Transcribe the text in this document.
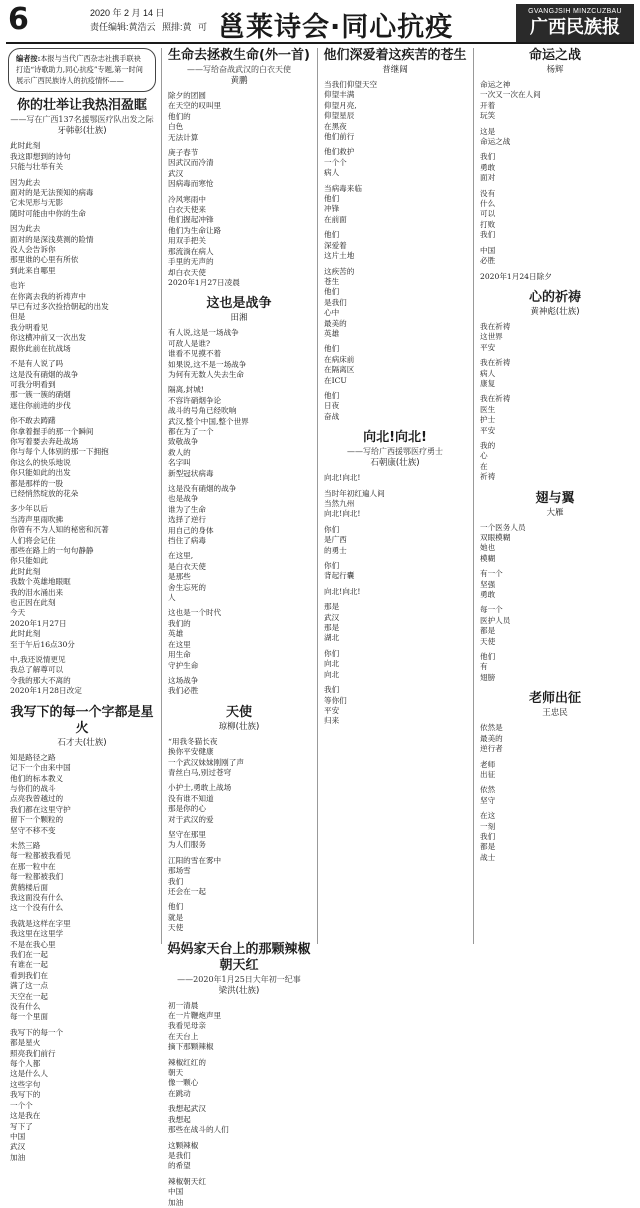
6	2020 年 2 月 14 日
责任编辑:黄浩云 照排:黄 可 邕莱诗会·同心抗疫
GVANGJSIH MINZCUZBAU
广西民族报
编者按:本报与当代广西杂志社携手联袂打造“诗歌助力,同心抗疫”专题,第一时间展示广西民族诗人的抗疫情怀——
你的壮举让我热泪盈眶
——写在广西137名援鄂医疗队出发之际
牙韩彰(壮族)
此时此刻
我这即想到的诗句
只能与壮举有关
因为此去
面对的是无法预知的病毒
它未见形与无影
随时可能由中你的生命
因为此去
面对的是深浅莫测的险情
没人会告诉你
那里谁的心里有所依
到此来自哪里
也许
在你离去我的祈祷声中
早已有过多次捡拾朝起的出发
但是
我分明看见
你这横冲前又一次出发
跟你此前在抗战场
不是有人说了吗
这是没有硝烟的战争
可我分明看到
那一簇一簇的硝烟
遮住你前进的步伐
你不敢去踌躇
你拿着握手的那一个瞬间
你写着要去奔赴战场
你与每个人体别的那一下拥抱
你这么的快乐地说
你只能如此的出发
都是那样的一股
已经悄然绽放的花朵
多少年以后
当涛声里雨吹拂
你曾有不为人知的秘密和沉著
人们将会记住
那些在路上的一句句静静
你只能如此
此时此刻
我数个英雄地眼眶
我的泪水涌出来
也正因在此刻
今天
2020年1月27日
此时此刻
至于午后16点30分
中,我还说情更见
我总了解尊可以
令我的那大不离的
2020年1月28日改定
我写下的每一个字都是星火
石才夫(壮族)
知是路径之路
记下一个由来中国
他们的标本教义
与你们的战斗
点亮我曾越过的
我们都在这里守护
留下一个颗粒的
坚守不移不变
未然三路
每一粒都被我看见
在那一粒中在
每一粒都被我们
黄鹤楼后面
我这面没有什么
这一个没有什么
我就是这样在字里
我这里在这里学
不是在我心里
我们在一起
有谁在一起
看到我们在
满了这一点
天空在一起
没有什么
每一个里面
我写下的每一个
都是星火
照亮我们前行
每个人都
这是什么人
这些字句
我写下的
一个个
这是我在
写下了
中国
武汉
加油
生命去拯救生命(外一首)
——写给奋战武汉的白衣天使
黄鹏
除夕的团圆
在天空的叹叫里
他们的
白色
无法计算
庚子春节
因武汉而冷清
武汉
因病毒而寒怆
冷风寒雨中
白衣天使来
他们握起冲锋
他们为生命让路
用双手把关
那流淌在病人
手里的无声的
却白衣天使
2020年1月27日凌晨
这也是战争
田湘
有人说,这是一场战争
可敌人是谁?
谁看不见摸不着
如果说,这不是一场战争
为何有无数人失去生命
隔离,封城!
不容许硝烟争论
战斗的号角已经吹响
武汉,整个中国,整个世界
都在为了一个
致敬战争
救人的
名字叫
新型冠状病毒
这是没有硝烟的战争
也是战争
谁为了生命
选择了逆行
用自己的身体
挡住了病毒
在这里,
是白衣天使
是那些
舍生忘死的
人
这也是一个时代
我们的
英雄
在这里
用生命
守护生命
这场战争
我们必胜
天使
琼柳(壮族)
“用我冬猫长夜
换你平安健康
一个武汉妹妹刚刚了声
青丝白马,别过苍穹
小护士,勇敢上战场
没有谁不知道
那是你的心
对于武汉的爱
坚守在那里
为人们服务
江阳的雪在雾中
那场雪
我们
还会在一起
他们
就是
天使
妈妈家天台上的那颗辣椒朝天红
——2020年1月25日大年初一纪事
梁洪(壮族)
初一清晨
在一片鞭炮声里
我看见母亲
在天台上
摘下那颗辣椒
辣椒红红的
朝天
像一颗心
在跳动
我想起武汉
我想起
那些在战斗的人们
这颗辣椒
是我们
的希望
辣椒朝天红
中国
加油
他们深爱着这疾苦的苍生
普继阔
当我们仰望天空
仰望丰满
仰望月亮,
仰望星辰
在黑夜
他们前行
他们救护
一个个
病人
当病毒来临
他们
冲锋
在前面
他们
深爱着
这片土地
这疾苦的
苍生
他们
是我们
心中
最美的
英雄
他们
在病床前
在隔离区
在ICU
他们
日夜
奋战
向北!向北!
——写给广西援鄂医疗勇士
石朝康(壮族)
向北!向北!
当时年初红遍人间
当然九州
向北!向北!
你们
是广西
的勇士
你们
背起行囊
向北!向北!
那是
武汉
那是
湖北
你们
向北
向北
我们
等你们
平安
归来
命运之战
杨辉
命运之神
一次又一次在人间
开着
玩笑
这是
命运之战
我们
勇敢
面对
没有
什么
可以
打败
我们
中国
必胜
2020年1月24日除夕
心的祈祷
黄神彪(壮族)
我在祈祷
这世界
平安
我在祈祷
病人
康复
我在祈祷
医生
护士
平安
我的
心
在
祈祷
翅与翼
大雁
一个医务人员
双眼模糊
她也
模糊
有一个
坚强
勇敢
每一个
医护人员
都是
天使
他们
有
翅膀
老师出征
王忠民
依然是
最美的
逆行者
老师
出征
依然
坚守
在这
一刻
我们
都是
战士
